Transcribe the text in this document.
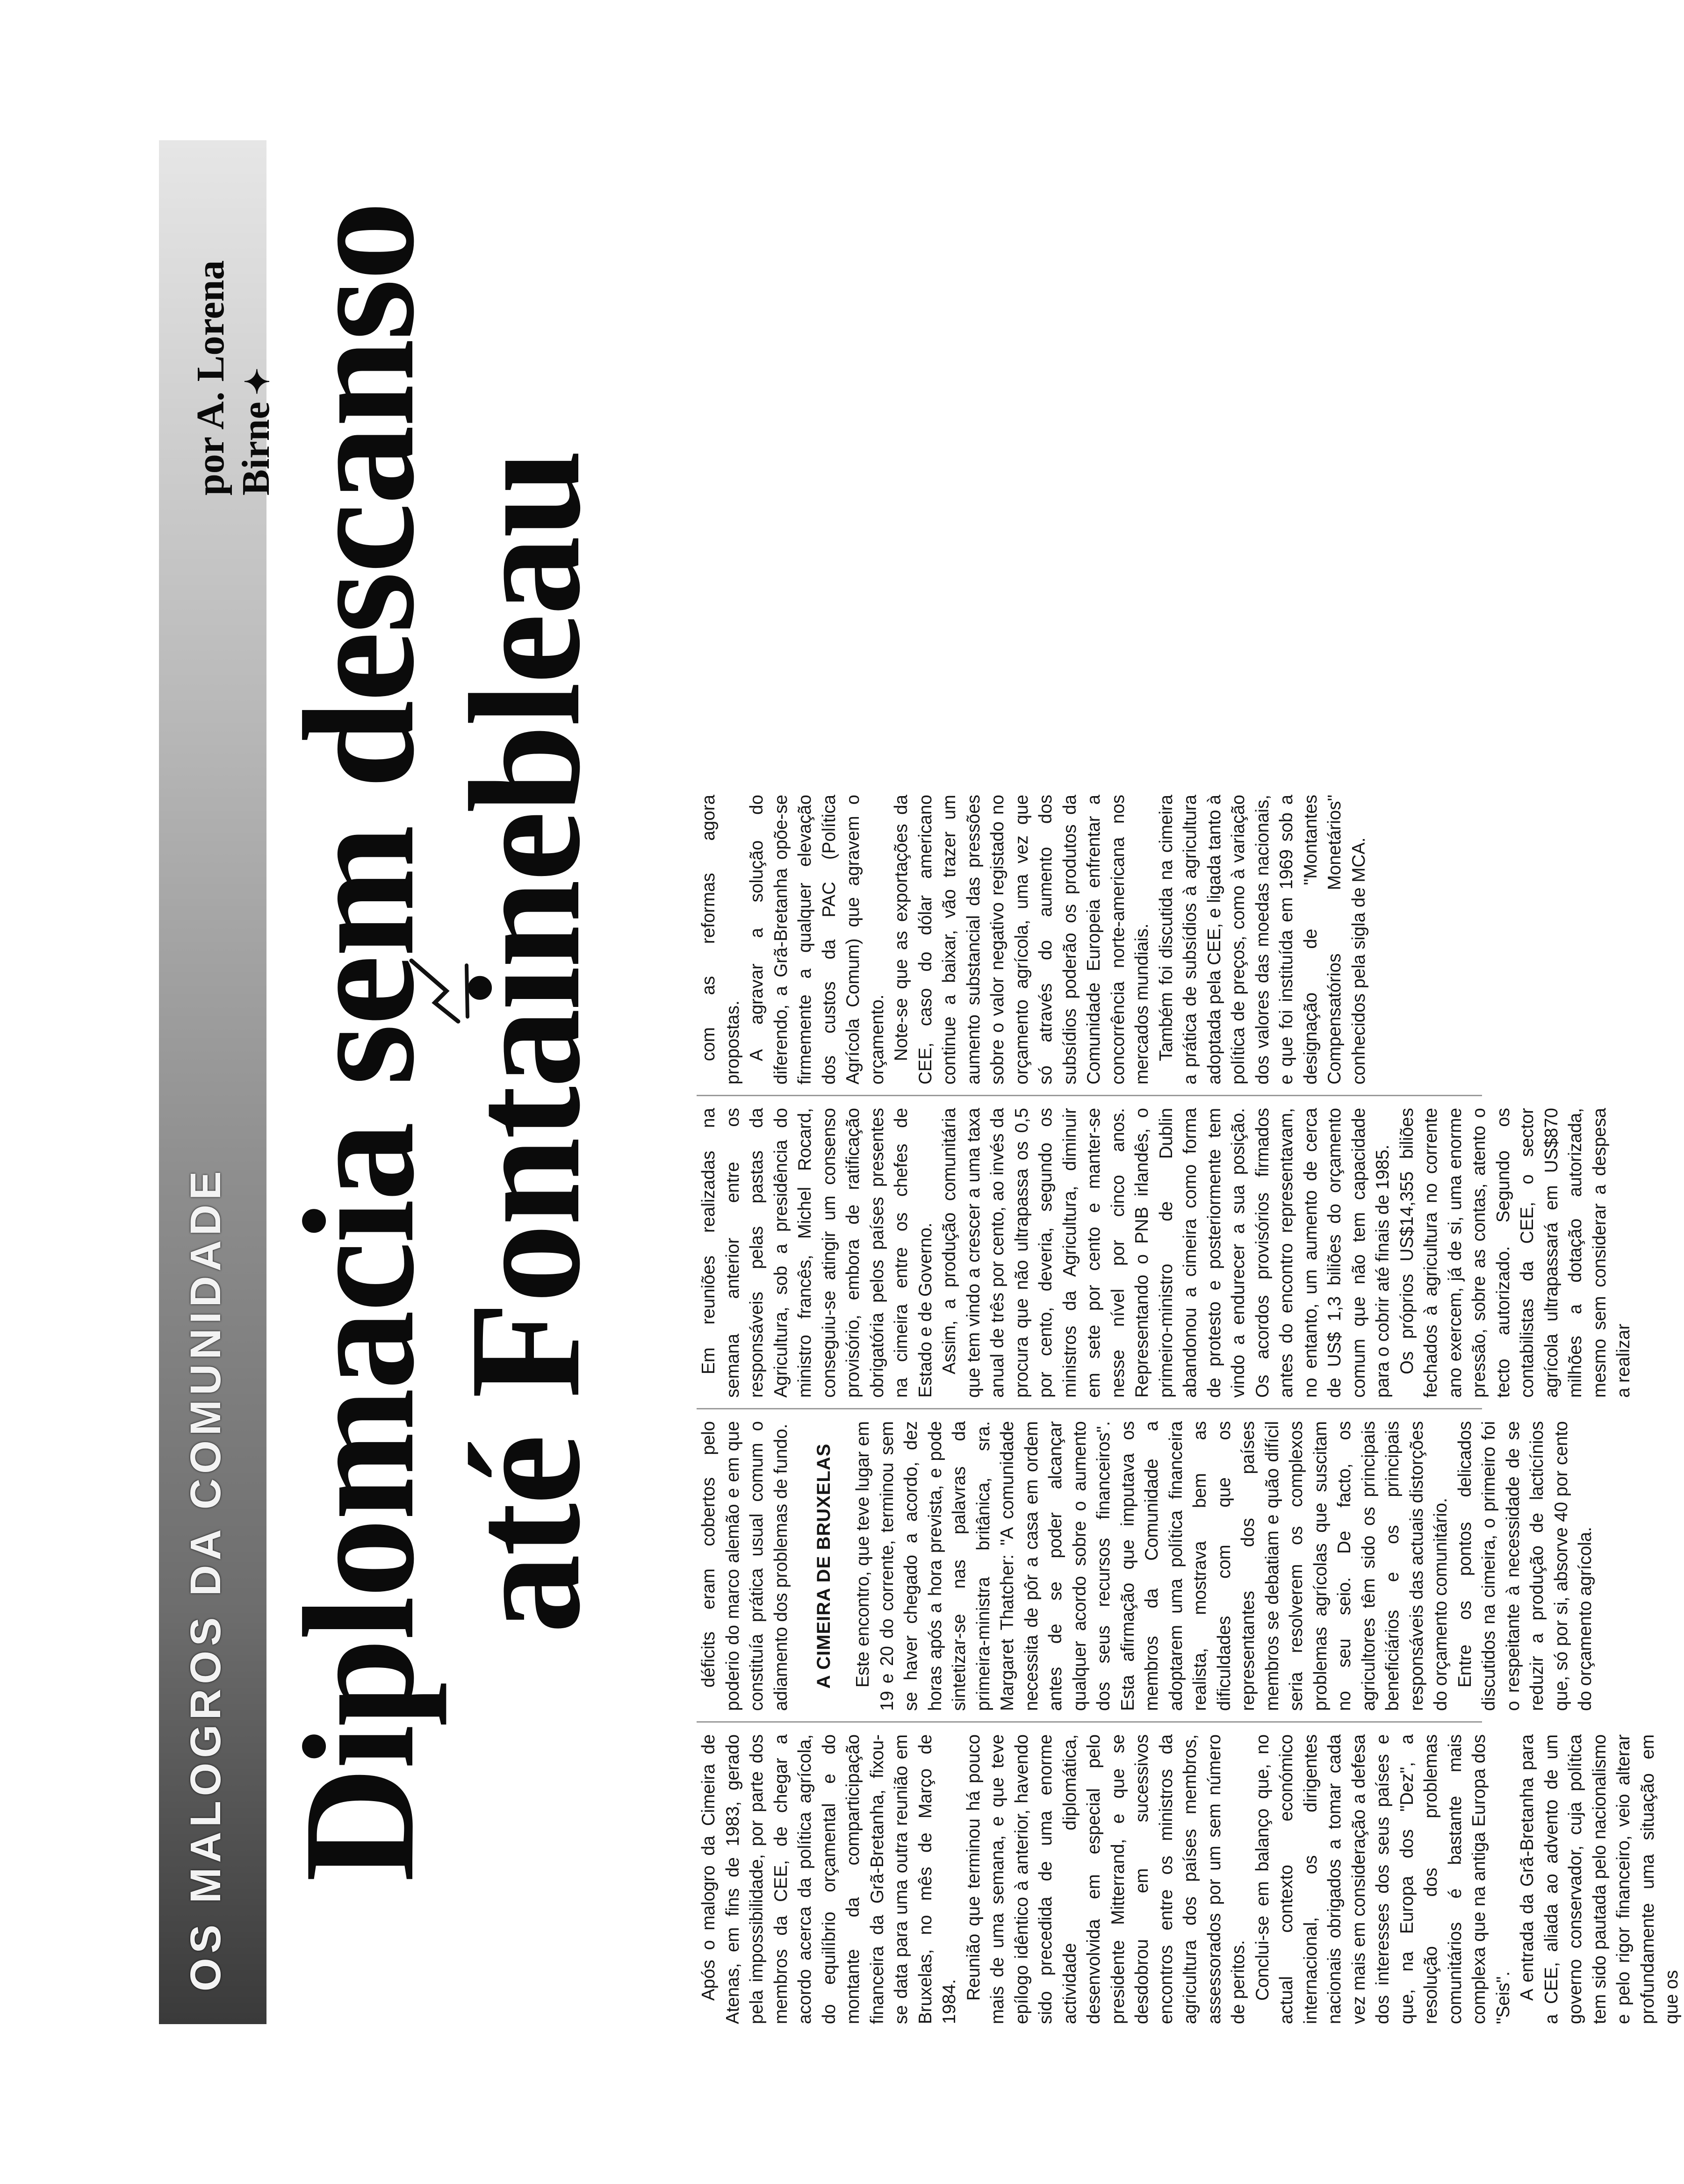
OS MALOGROS DA COMUNIDADE
por A. Lorena Birne✦
Diplomacia sem descanso
até Fontainebleau

Após o malogro da Cimeira de Atenas, em fins de 1983, gerado pela impossibilidade, por parte dos membros da CEE, de chegar a acordo acerca da política agrícola, do equilíbrio orçamental e do montante da comparticipação financeira da Grã-Bretanha, fixou-se data para uma outra reunião em Bruxelas, no mês de Março de 1984.

Reunião que terminou há pouco mais de uma semana, e que teve epílogo idêntico à anterior, havendo sido precedida de uma enorme actividade diplomática, desenvolvida em especial pelo presidente Mitterrand, e que se desdobrou em sucessivos encontros entre os ministros da agricultura dos países membros, assessorados por um sem número de peritos. Conclui-se em balanço que, no actual contexto económico internacional, os dirigentes nacionais obrigados a tomar cada vez mais em consideração a defesa dos interesses dos seus países e que, na Europa dos "Dez", a resolução dos problemas comunitários é bastante mais complexa que na antiga Europa dos "Seis". A entrada da Grã-Bretanha para a CEE, aliada ao advento de um governo conservador, cuja política tem sido pautada pelo nacionalismo e pelo rigor financeiro, veio alterar profundamente uma situação em que os

déficits eram cobertos pelo poderio do marco alemão e em que constituía prática usual comum o adiamento dos problemas de fundo. A CIMEIRA DE BRUXELAS Este encontro, que teve lugar em 19 e 20 do corrente, terminou sem se haver chegado a acordo, dez horas após a hora prevista, e pode sintetizar-se nas palavras da primeira-ministra britânica, sra. Margaret Thatcher: "A comunidade necessita de pôr a casa em ordem antes de se poder alcançar qualquer acordo sobre o aumento dos seus recursos financeiros". Esta afirmação que imputava os membros da Comunidade a adoptarem uma política financeira realista, mostrava bem as dificuldades com que os representantes dos países membros se debatiam e quão difícil seria resolverem os complexos problemas agrícolas que suscitam no seu seio. De facto, os agricultores têm sido os principais beneficiários e os principais responsáveis das actuais distorções do orçamento comunitário. Entre os pontos delicados discutidos na cimeira, o primeiro foi o respeitante à necessidade de se reduzir a produção de lacticínios que, só por si, absorve 40 por cento do orçamento agrícola.

Em reuniões realizadas na semana anterior entre os responsáveis pelas pastas da Agricultura, sob a presidência do ministro francês, Michel Rocard, conseguiu-se atingir um consenso provisório, embora de ratificação obrigatória pelos países presentes na cimeira entre os chefes de Estado e de Governo. Assim, a produção comunitária que tem vindo a crescer a uma taxa anual de três por cento, ao invés da procura que não ultrapassa os 0,5 por cento, deveria, segundo os ministros da Agricultura, diminuir em sete por cento e manter-se nesse nível por cinco anos. Representando o PNB irlandês, o primeiro-ministro de Dublin abandonou a cimeira como forma de protesto e posteriormente tem vindo a endurecer a sua posição. Os acordos provisórios firmados antes do encontro representavam, no entanto, um aumento de cerca de US$ 1,3 biliões do orçamento comum que não tem capacidade para o cobrir até finais de 1985. Os próprios US$14,355 biliões fechados à agricultura no corrente ano exercem, já de si, uma enorme pressão, sobre as contas, atento o tecto autorizado. Segundo os contabilistas da CEE, o sector agrícola ultrapassará em US$870 milhões a dotação autorizada, mesmo sem considerar a despesa a realizar

com as reformas agora propostas. A agravar a solução do diferendo, a Grã-Bretanha opõe-se firmemente a qualquer elevação dos custos da PAC (Política Agrícola Comum) que agravem o orçamento. Note-se que as exportações da CEE, caso do dólar americano continue a baixar, vão trazer um aumento substancial das pressões sobre o valor negativo registado no orçamento agrícola, uma vez que só através do aumento dos subsídios poderão os produtos da Comunidade Europeia enfrentar a concorrência norte-americana nos mercados mundiais. Também foi discutida na cimeira a prática de subsídios à agricultura adoptada pela CEE, e ligada tanto à política de preços, como à variação dos valores das moedas nacionais, e que foi instituída em 1969 sob a designação de "Montantes Compensatórios Monetários" conhecidos pela sigla de MCA.
